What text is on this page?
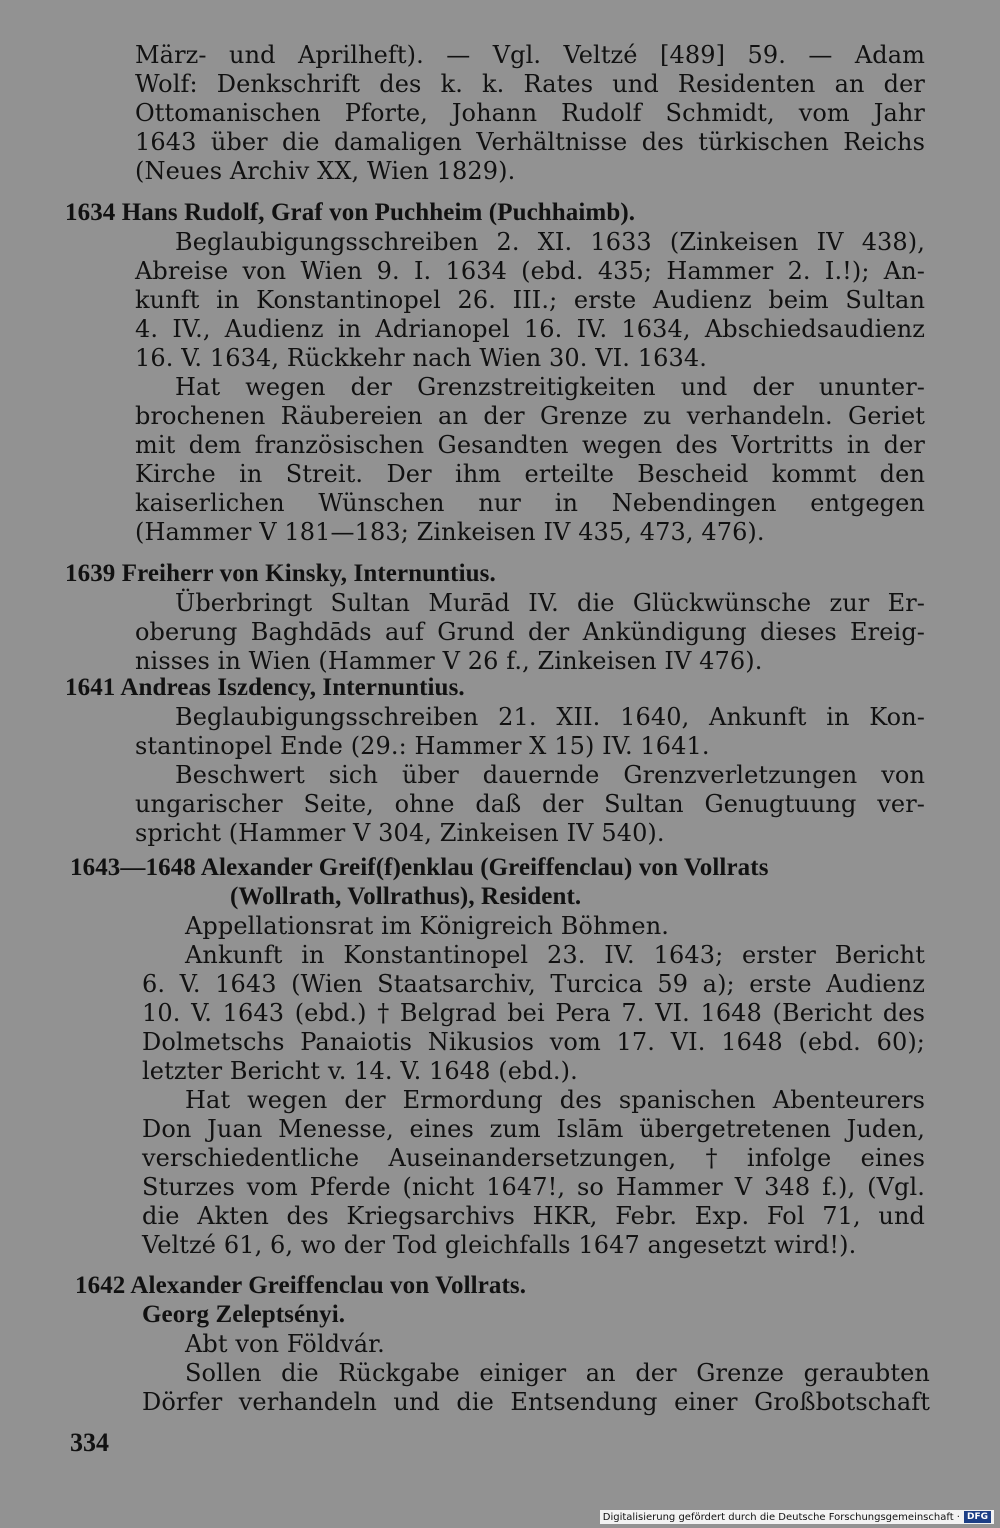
März- und Aprilheft). — Vgl. Veltzé [489] 59. — Adam
Wolf: Denkschrift des k. k. Rates und Residenten an der
Ottomanischen Pforte, Johann Rudolf Schmidt, vom Jahr
1643 über die damaligen Verhältnisse des türkischen Reichs
(Neues Archiv XX, Wien 1829).
1634 Hans Rudolf, Graf von Puchheim (Puchhaimb).
Beglaubigungsschreiben 2. XI. 1633 (Zinkeisen IV 438),
Abreise von Wien 9. I. 1634 (ebd. 435; Hammer 2. I.!); An-
kunft in Konstantinopel 26. III.; erste Audienz beim Sultan
4. IV., Audienz in Adrianopel 16. IV. 1634, Abschiedsaudienz
16. V. 1634, Rückkehr nach Wien 30. VI. 1634.
Hat wegen der Grenzstreitigkeiten und der ununter-
brochenen Räubereien an der Grenze zu verhandeln. Geriet
mit dem französischen Gesandten wegen des Vortritts in der
Kirche in Streit. Der ihm erteilte Bescheid kommt den
kaiserlichen Wünschen nur in Nebendingen entgegen
(Hammer V 181—183; Zinkeisen IV 435, 473, 476).
1639 Freiherr von Kinsky, Internuntius.
Überbringt Sultan Murād IV. die Glückwünsche zur Er-
oberung Baghdāds auf Grund der Ankündigung dieses Ereig-
nisses in Wien (Hammer V 26 f., Zinkeisen IV 476).
1641 Andreas Iszdency, Internuntius.
Beglaubigungsschreiben 21. XII. 1640, Ankunft in Kon-
stantinopel Ende (29.: Hammer X 15) IV. 1641.
Beschwert sich über dauernde Grenzverletzungen von
ungarischer Seite, ohne daß der Sultan Genugtuung ver-
spricht (Hammer V 304, Zinkeisen IV 540).
1643—1648 Alexander Greif(f)enklau (Greiffenclau) von Vollrats
(Wollrath, Vollrathus), Resident.
Appellationsrat im Königreich Böhmen.
Ankunft in Konstantinopel 23. IV. 1643; erster Bericht
6. V. 1643 (Wien Staatsarchiv, Turcica 59 a); erste Audienz
10. V. 1643 (ebd.) † Belgrad bei Pera 7. VI. 1648 (Bericht des
Dolmetschs Panaiotis Nikusios vom 17. VI. 1648 (ebd. 60);
letzter Bericht v. 14. V. 1648 (ebd.).
Hat wegen der Ermordung des spanischen Abenteurers
Don Juan Menesse, eines zum Islām übergetretenen Juden,
verschiedentliche Auseinandersetzungen, † infolge eines
Sturzes vom Pferde (nicht 1647!, so Hammer V 348 f.), (Vgl.
die Akten des Kriegsarchivs HKR, Febr. Exp. Fol 71, und
Veltzé 61, 6, wo der Tod gleichfalls 1647 angesetzt wird!).
1642 Alexander Greiffenclau von Vollrats.
Georg Zeleptsényi.
Abt von Földvár.
Sollen die Rückgabe einiger an der Grenze geraubten
Dörfer verhandeln und die Entsendung einer Großbotschaft
334
Digitalisierung gefördert durch die Deutsche Forschungsgemeinschaft · DFG
